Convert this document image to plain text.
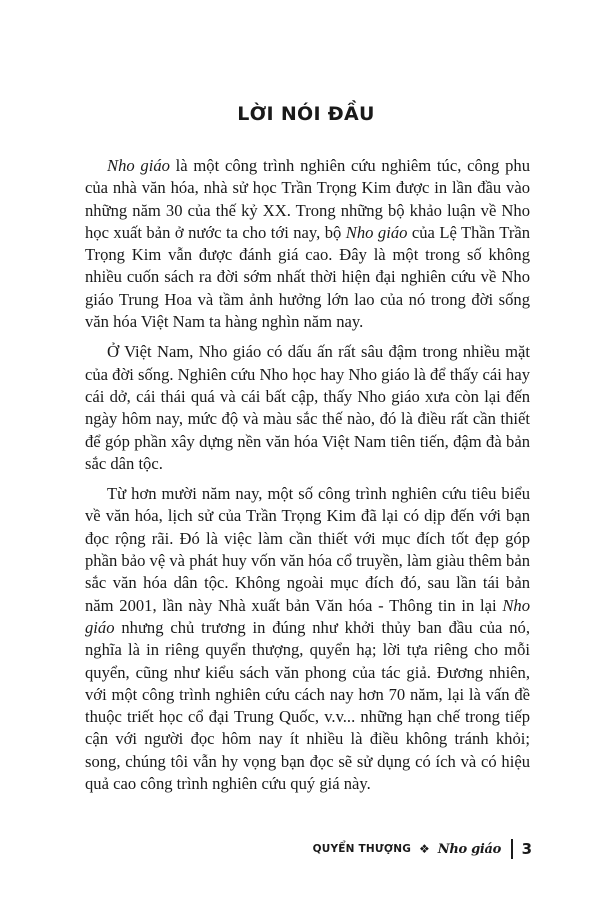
LỜI NÓI ĐẦU

Nho giáo là một công trình nghiên cứu nghiêm túc, công phu của nhà văn hóa, nhà sử học Trần Trọng Kim được in lần đầu vào những năm 30 của thế kỷ XX. Trong những bộ khảo luận về Nho học xuất bản ở nước ta cho tới nay, bộ Nho giáo của Lệ Thần Trần Trọng Kim vẫn được đánh giá cao. Đây là một trong số không nhiều cuốn sách ra đời sớm nhất thời hiện đại nghiên cứu về Nho giáo Trung Hoa và tầm ảnh hưởng lớn lao của nó trong đời sống văn hóa Việt Nam ta hàng nghìn năm nay.

Ở Việt Nam, Nho giáo có dấu ấn rất sâu đậm trong nhiều mặt của đời sống. Nghiên cứu Nho học hay Nho giáo là để thấy cái hay cái dở, cái thái quá và cái bất cập, thấy Nho giáo xưa còn lại đến ngày hôm nay, mức độ và màu sắc thế nào, đó là điều rất cần thiết để góp phần xây dựng nền văn hóa Việt Nam tiên tiến, đậm đà bản sắc dân tộc.

Từ hơn mười năm nay, một số công trình nghiên cứu tiêu biểu về văn hóa, lịch sử của Trần Trọng Kim đã lại có dịp đến với bạn đọc rộng rãi. Đó là việc làm cần thiết với mục đích tốt đẹp góp phần bảo vệ và phát huy vốn văn hóa cổ truyền, làm giàu thêm bản sắc văn hóa dân tộc. Không ngoài mục đích đó, sau lần tái bản năm 2001, lần này Nhà xuất bản Văn hóa - Thông tin in lại Nho giáo nhưng chủ trương in đúng như khởi thủy ban đầu của nó, nghĩa là in riêng quyển thượng, quyển hạ; lời tựa riêng cho mỗi quyển, cũng như kiểu sách văn phong của tác giả. Đương nhiên, với một công trình nghiên cứu cách nay hơn 70 năm, lại là vấn đề thuộc triết học cổ đại Trung Quốc, v.v... những hạn chế trong tiếp cận với người đọc hôm nay ít nhiều là điều không tránh khỏi; song, chúng tôi vẫn hy vọng bạn đọc sẽ sử dụng có ích và có hiệu quả cao công trình nghiên cứu quý giá này.

QUYỂN THƯỢNG ❖ Nho giáo 3
